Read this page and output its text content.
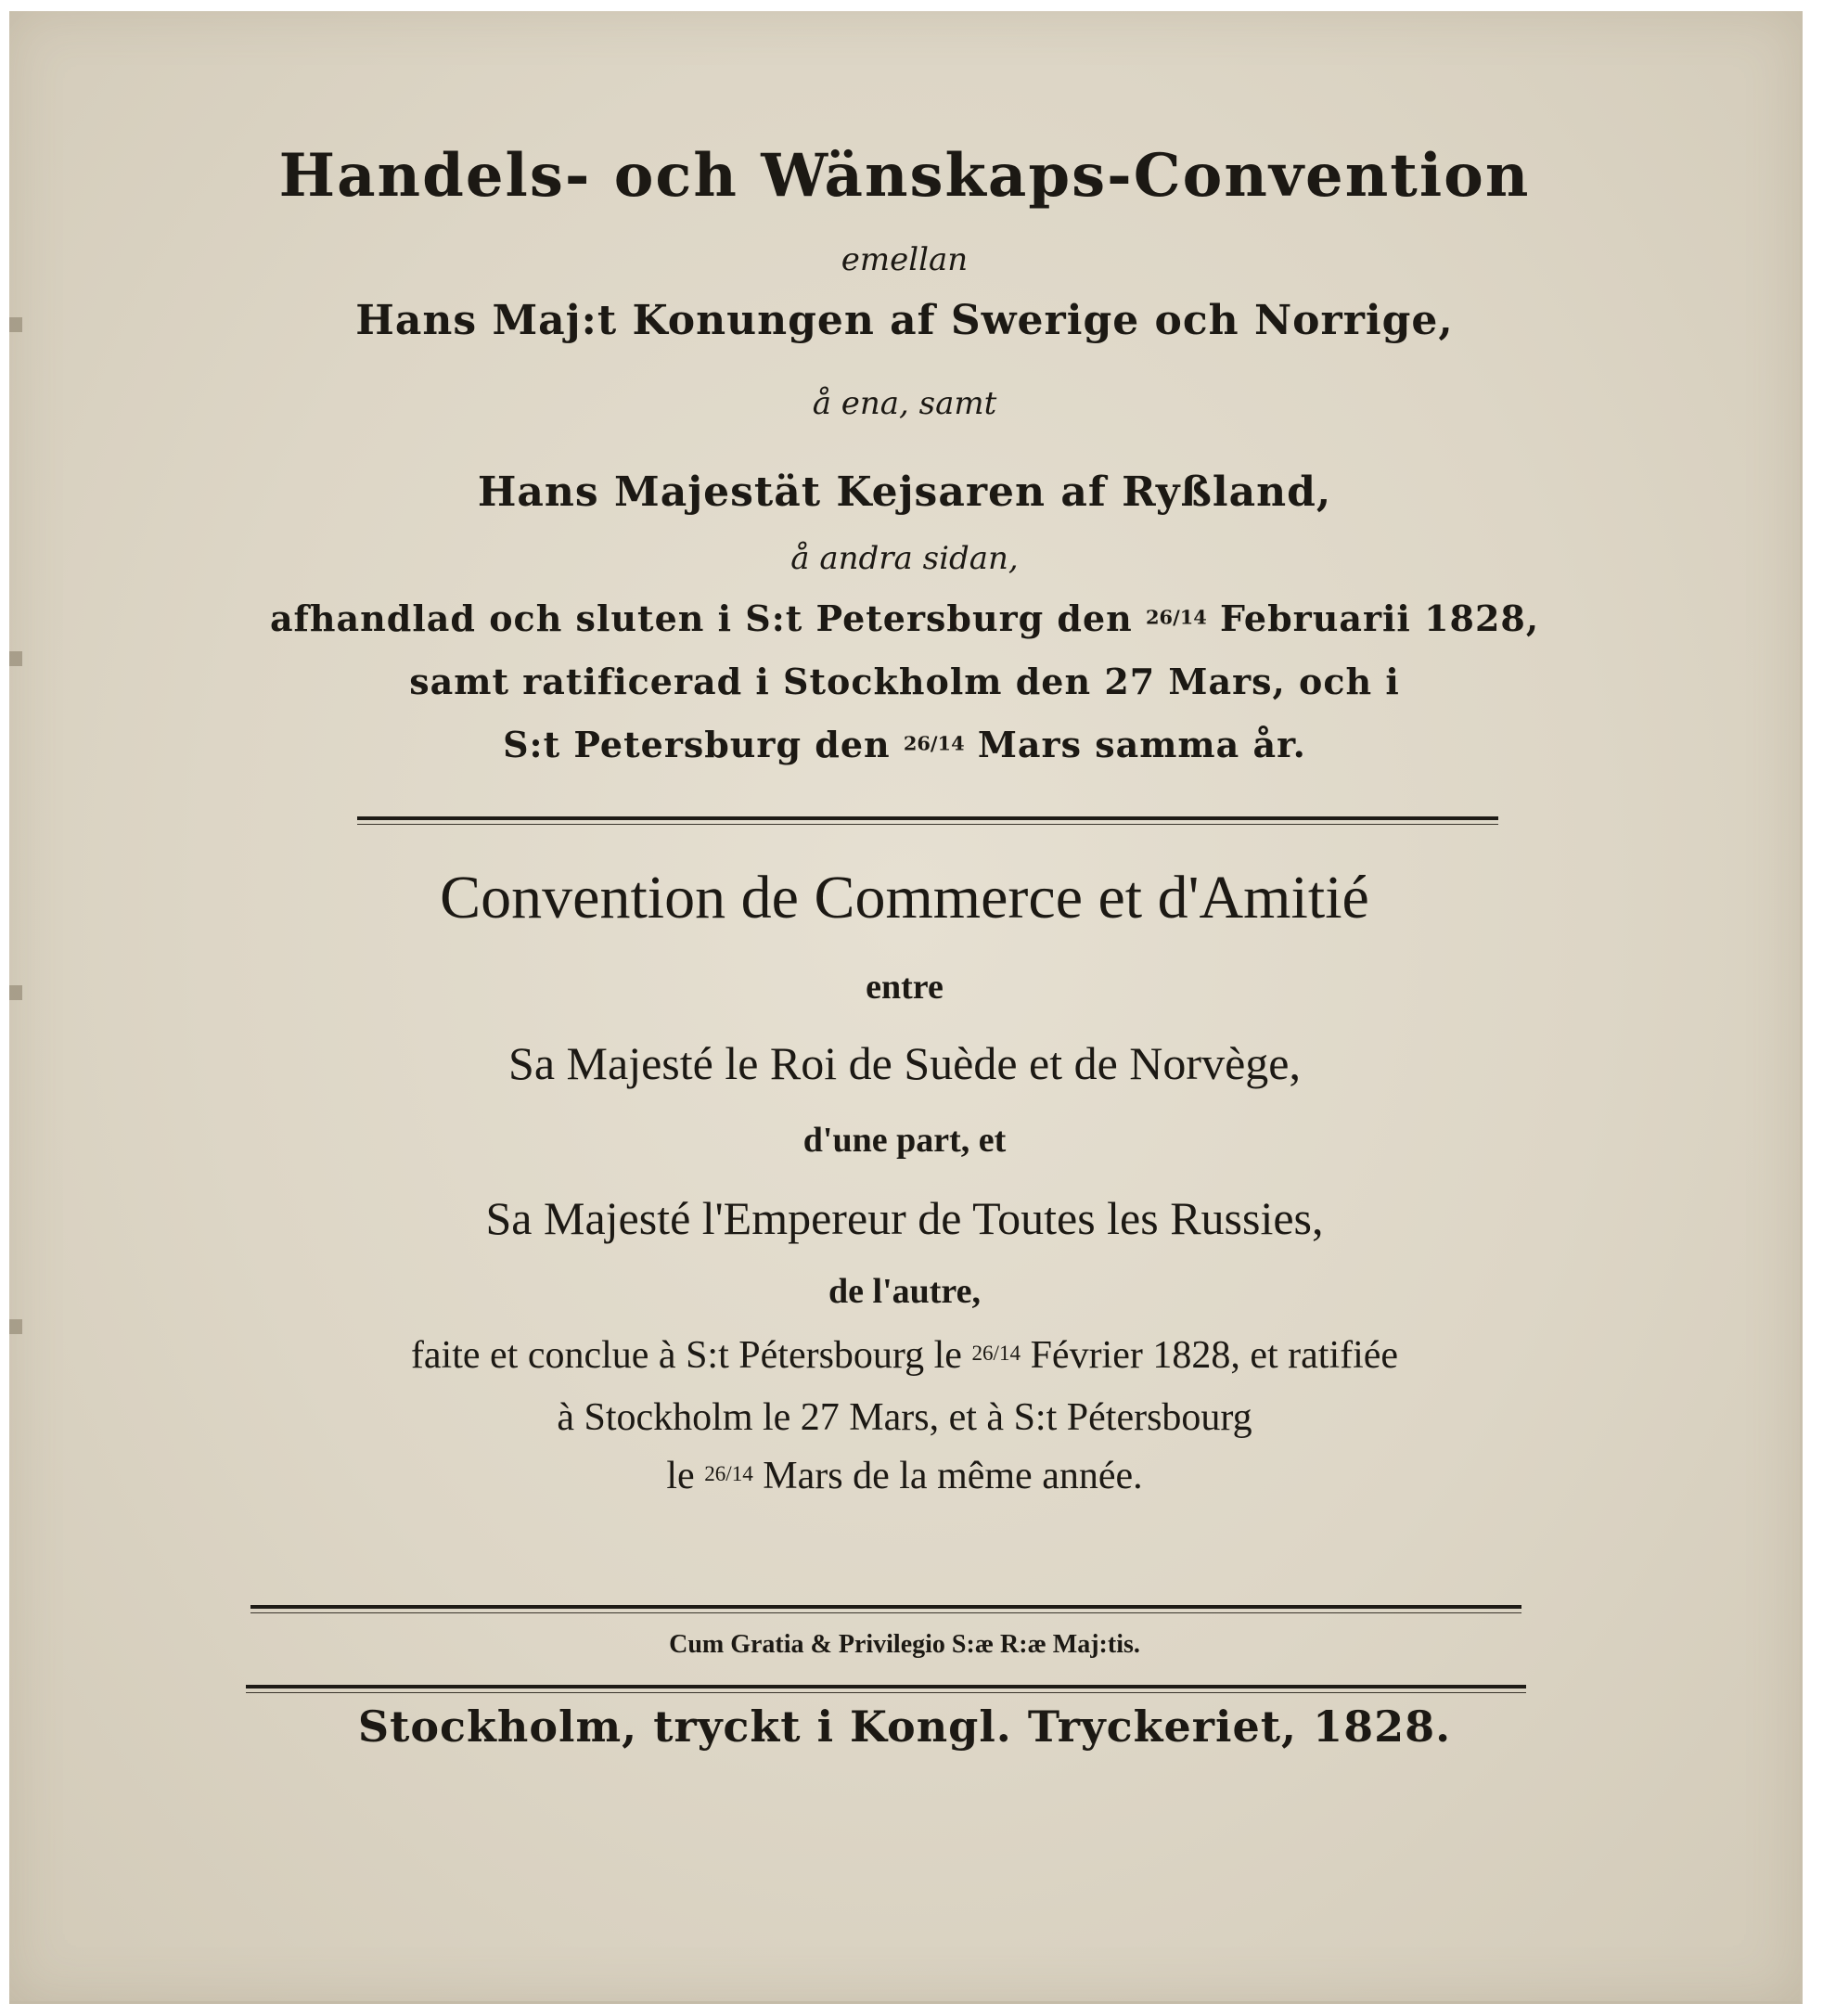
Handels- och Wänskaps-Convention
emellan
Hans Maj:t Konungen af Swerige och Norrige,
å ena, samt
Hans Majestät Kejsaren af Ryßland,
å andra sidan,
afhandlad och sluten i S:t Petersburg den 26/14 Februarii 1828,
samt ratificerad i Stockholm den 27 Mars, och i
S:t Petersburg den 26/14 Mars samma år.
Convention de Commerce et d'Amitié
entre
Sa Majesté le Roi de Suède et de Norvège,
d'une part, et
Sa Majesté l'Empereur de Toutes les Russies,
de l'autre,
faite et conclue à S:t Pétersbourg le 26/14 Février 1828, et ratifiée
à Stockholm le 27 Mars, et à S:t Pétersbourg
le 26/14 Mars de la même année.
Cum Gratia & Privilegio S:æ R:æ Maj:tis.
Stockholm, tryckt i Kongl. Tryckeriet, 1828.
